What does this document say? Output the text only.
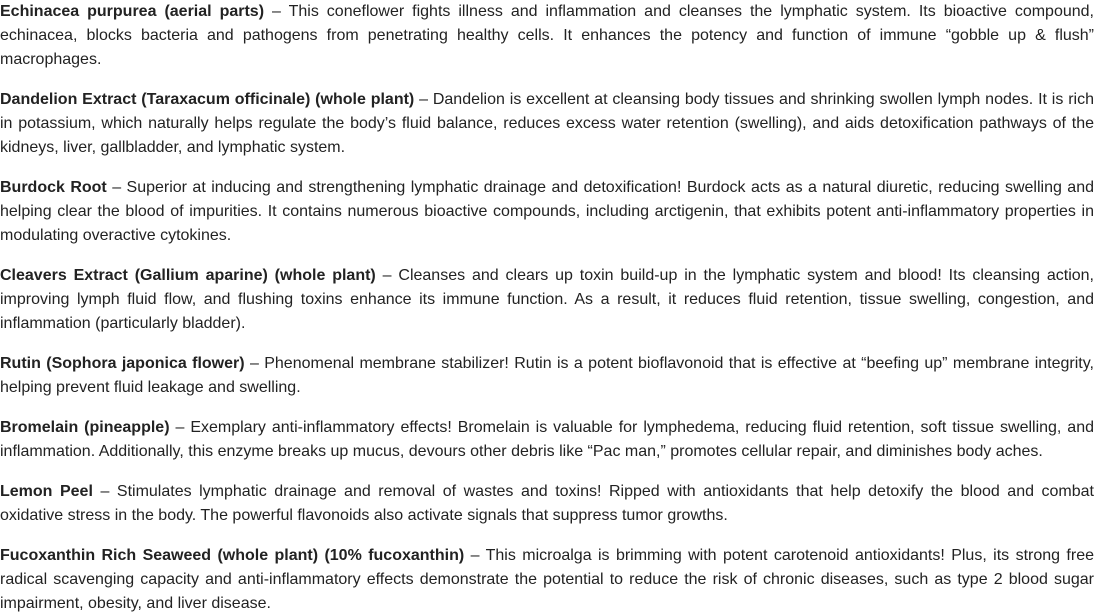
Echinacea purpurea (aerial parts) – This coneflower fights illness and inflammation and cleanses the lymphatic system. Its bioactive compound, echinacea, blocks bacteria and pathogens from penetrating healthy cells. It enhances the potency and function of immune “gobble up & flush” macrophages.

Dandelion Extract (Taraxacum officinale) (whole plant) – Dandelion is excellent at cleansing body tissues and shrinking swollen lymph nodes. It is rich in potassium, which naturally helps regulate the body’s fluid balance, reduces excess water retention (swelling), and aids detoxification pathways of the kidneys, liver, gallbladder, and lymphatic system.

Burdock Root – Superior at inducing and strengthening lymphatic drainage and detoxification! Burdock acts as a natural diuretic, reducing swelling and helping clear the blood of impurities. It contains numerous bioactive compounds, including arctigenin, that exhibits potent anti-inflammatory properties in modulating overactive cytokines.

Cleavers Extract (Gallium aparine) (whole plant) – Cleanses and clears up toxin build-up in the lymphatic system and blood! Its cleansing action, improving lymph fluid flow, and flushing toxins enhance its immune function. As a result, it reduces fluid retention, tissue swelling, congestion, and inflammation (particularly bladder).

Rutin (Sophora japonica flower) – Phenomenal membrane stabilizer! Rutin is a potent bioflavonoid that is effective at “beefing up” membrane integrity, helping prevent fluid leakage and swelling.

Bromelain (pineapple) – Exemplary anti-inflammatory effects! Bromelain is valuable for lymphedema, reducing fluid retention, soft tissue swelling, and inflammation. Additionally, this enzyme breaks up mucus, devours other debris like “Pac man,” promotes cellular repair, and diminishes body aches.

Lemon Peel – Stimulates lymphatic drainage and removal of wastes and toxins! Ripped with antioxidants that help detoxify the blood and combat oxidative stress in the body. The powerful flavonoids also activate signals that suppress tumor growths.

Fucoxanthin Rich Seaweed (whole plant) (10% fucoxanthin) – This microalga is brimming with potent carotenoid antioxidants! Plus, its strong free radical scavenging capacity and anti-inflammatory effects demonstrate the potential to reduce the risk of chronic diseases, such as type 2 blood sugar impairment, obesity, and liver disease.
